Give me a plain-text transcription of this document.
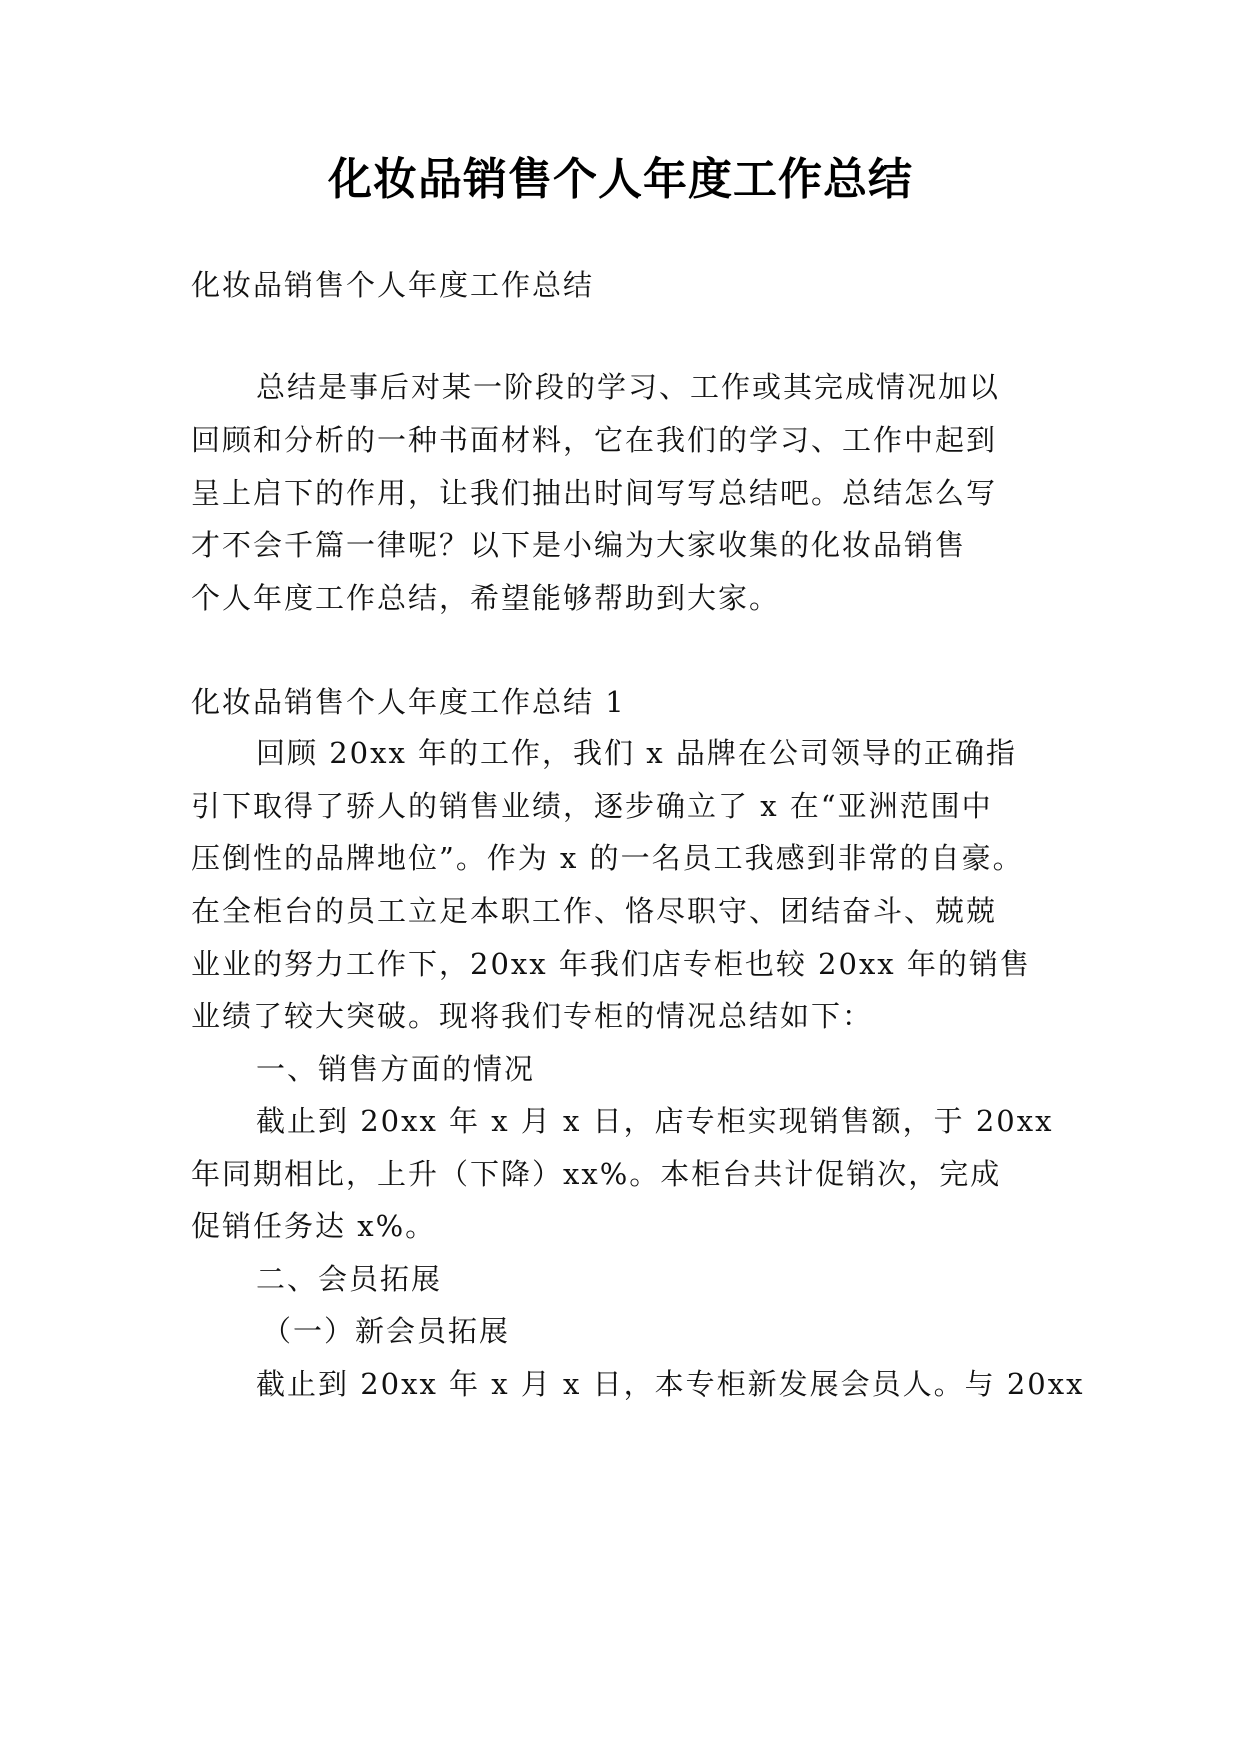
化妆品销售个人年度工作总结
化妆品销售个人年度工作总结
总结是事后对某一阶段的学习、工作或其完成情况加以
回顾和分析的一种书面材料，它在我们的学习、工作中起到
呈上启下的作用，让我们抽出时间写写总结吧。总结怎么写
才不会千篇一律呢？以下是小编为大家收集的化妆品销售
个人年度工作总结，希望能够帮助到大家。
化妆品销售个人年度工作总结 1
回顾 20xx 年的工作，我们 x 品牌在公司领导的正确指
引下取得了骄人的销售业绩，逐步确立了 x 在“亚洲范围中
压倒性的品牌地位”。作为 x 的一名员工我感到非常的自豪。
在全柜台的员工立足本职工作、恪尽职守、团结奋斗、兢兢
业业的努力工作下，20xx 年我们店专柜也较 20xx 年的销售
业绩了较大突破。现将我们专柜的情况总结如下：
一、销售方面的情况
截止到 20xx 年 x 月 x 日，店专柜实现销售额，于 20xx
年同期相比，上升（下降）xx%。本柜台共计促销次，完成
促销任务达 x%。
二、会员拓展
（一）新会员拓展
截止到 20xx 年 x 月 x 日，本专柜新发展会员人。与 20xx
